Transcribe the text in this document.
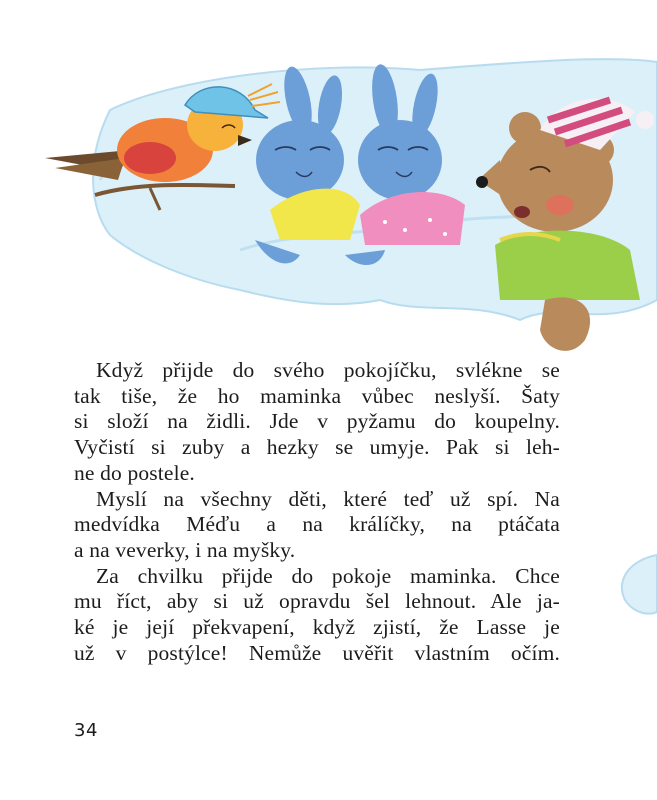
Když přijde do svého pokojíčku, svlékne se
tak tiše, že ho maminka vůbec neslyší. Šaty
si složí na židli. Jde v pyžamu do koupelny.
Vyčistí si zuby a hezky se umyje. Pak si leh-
ne do postele.
Myslí na všechny děti, které teď už spí. Na
medvídka Méďu a na králíčky, na ptáčata
a na veverky, i na myšky.
Za chvilku přijde do pokoje maminka. Chce
mu říct, aby si už opravdu šel lehnout. Ale ja-
ké je její překvapení, když zjistí, že Lasse je
už v postýlce! Nemůže uvěřit vlastním očím.
34
